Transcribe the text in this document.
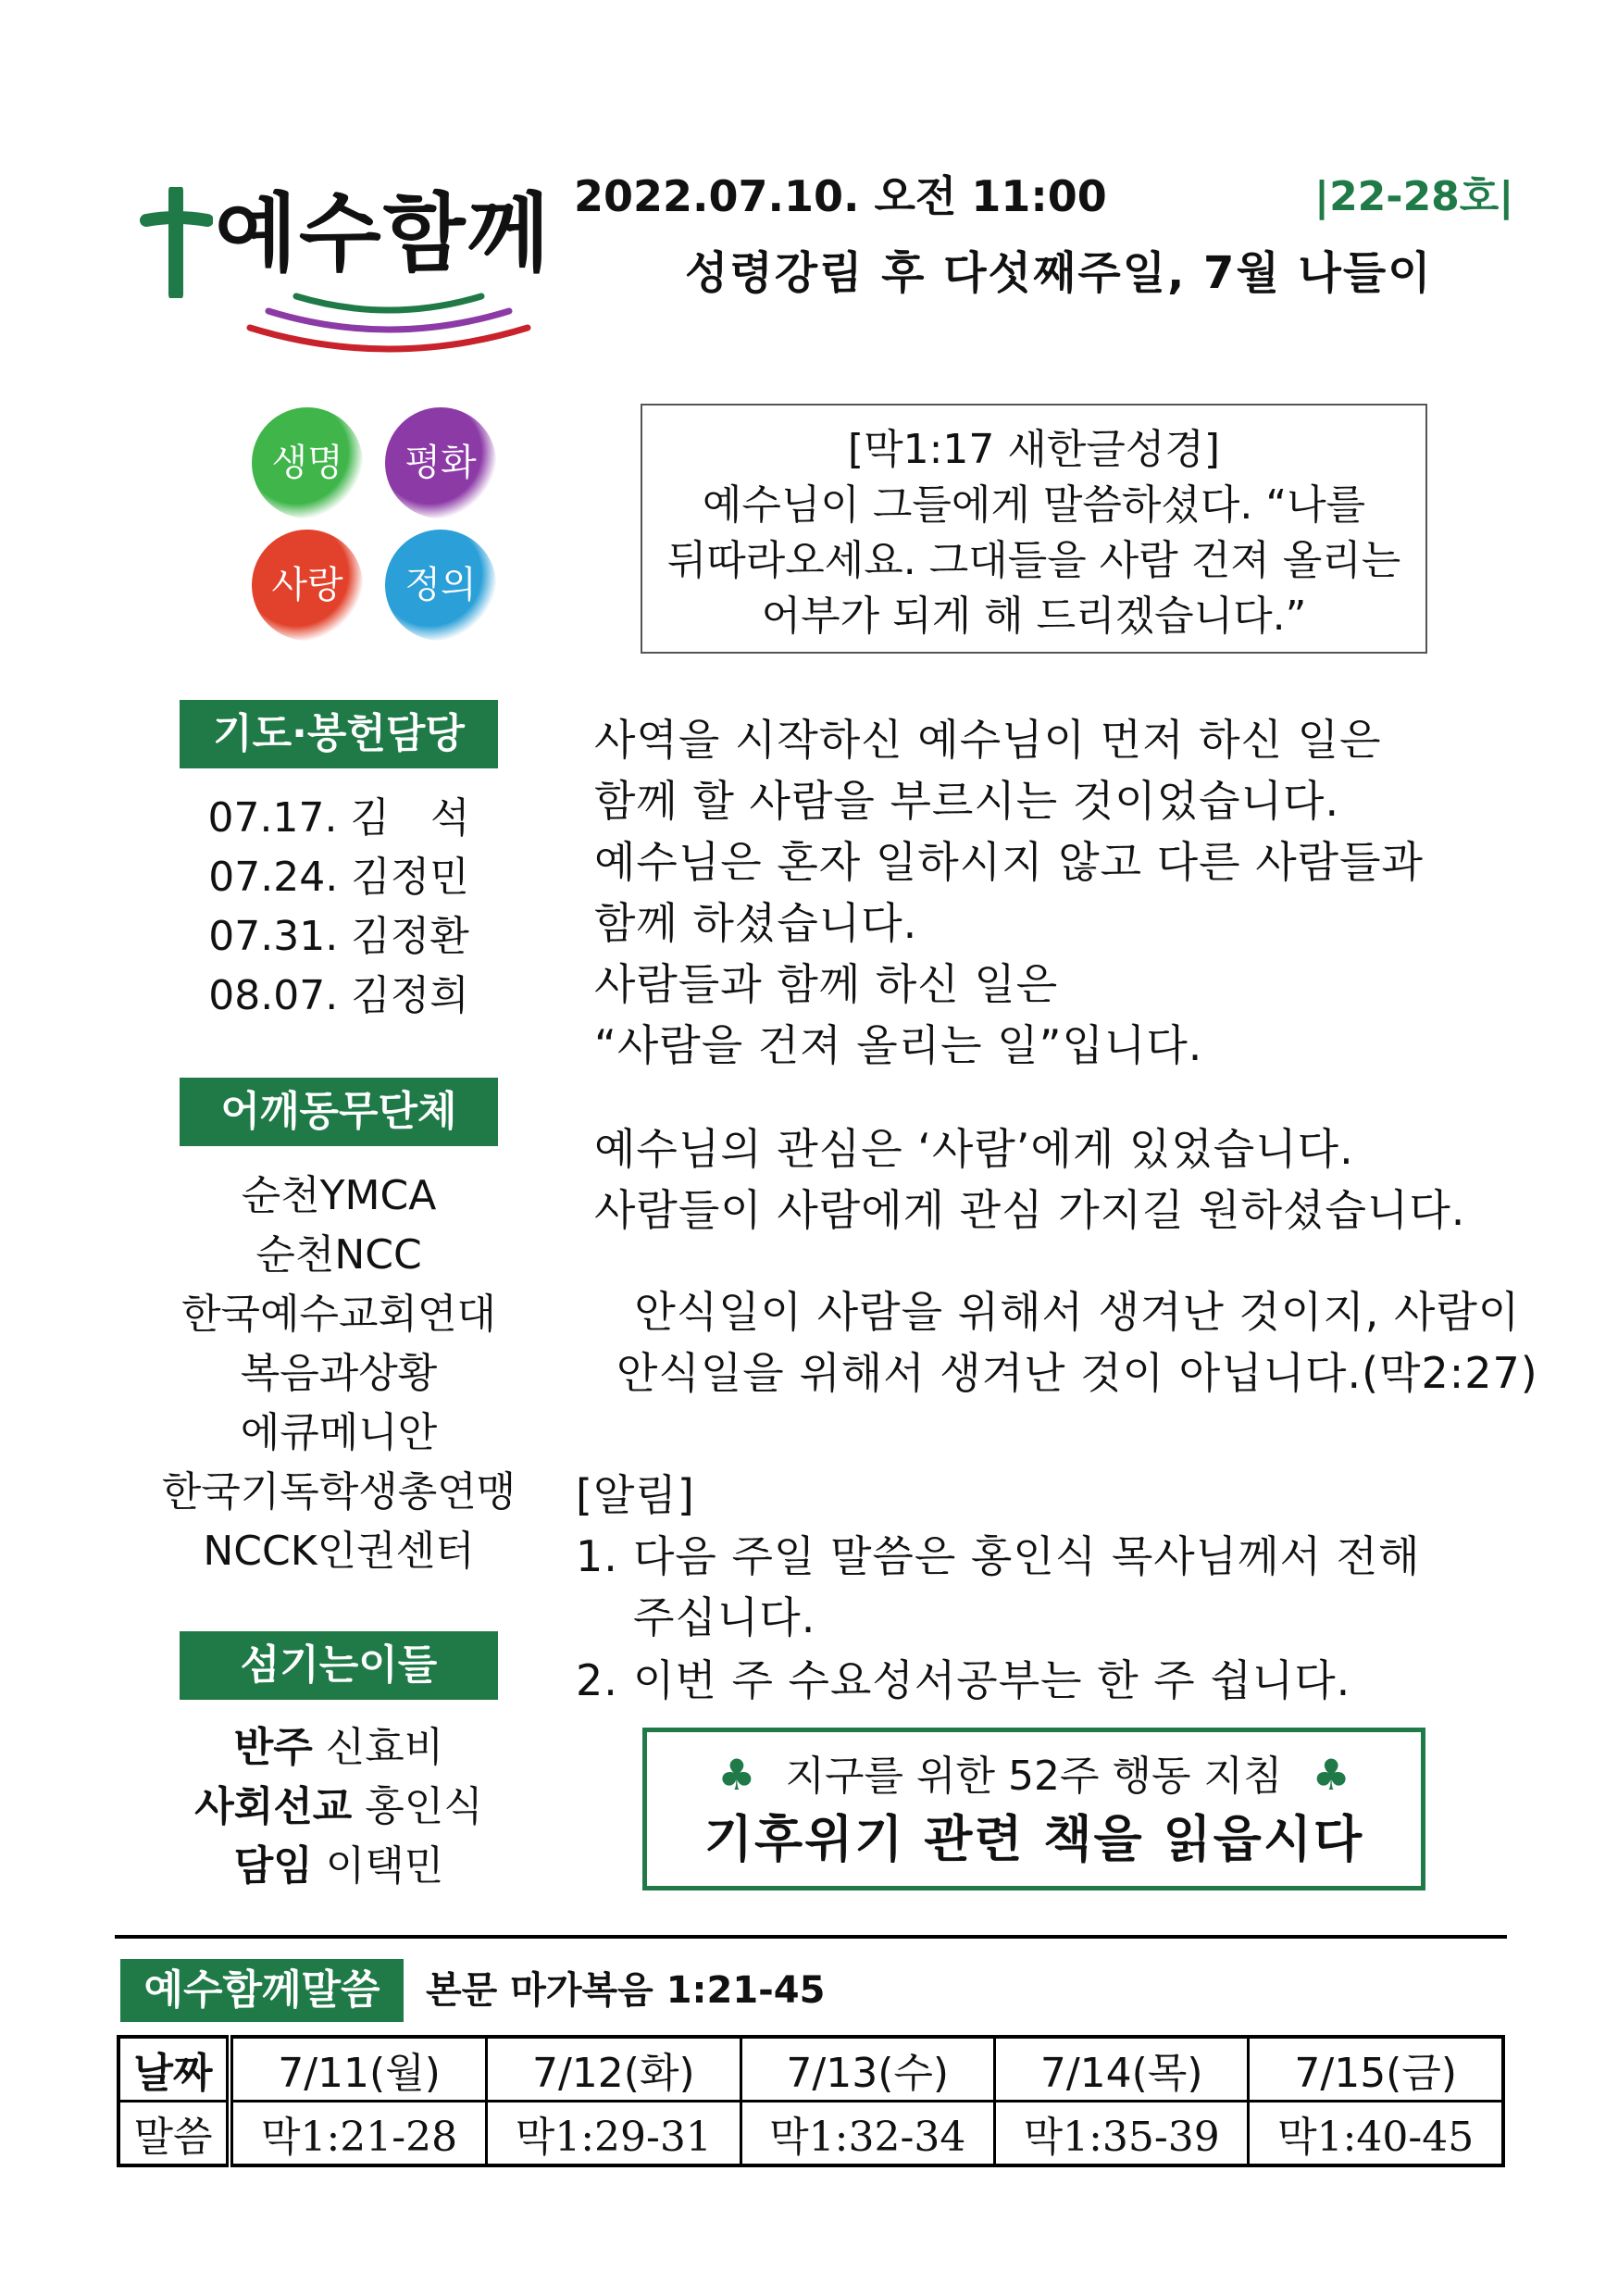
예수함께 2022.07.10. 오전 11:00	|22-28호|
성령강림 후 다섯째주일, 7월 나들이
생명	평화
사랑	정의
[막1:17 새한글성경]
예수님이 그들에게 말씀하셨다. “나를
뒤따라오세요. 그대들을 사람 건져 올리는
어부가 되게 해 드리겠습니다.”
기도·봉헌담당
07.17. 김　석
07.24. 김정민
07.31. 김정환
08.07. 김정희
어깨동무단체
순천YMCA
순천NCC
한국예수교회연대
복음과상황
에큐메니안
한국기독학생총연맹
NCCK인권센터
섬기는이들
반주 신효비
사회선교 홍인식
담임 이택민
사역을 시작하신 예수님이 먼저 하신 일은
함께 할 사람을 부르시는 것이었습니다.
예수님은 혼자 일하시지 않고 다른 사람들과
함께 하셨습니다.
사람들과 함께 하신 일은
“사람을 건져 올리는 일”입니다.
예수님의 관심은 ‘사람’에게 있었습니다.
사람들이 사람에게 관심 가지길 원하셨습니다.
안식일이 사람을 위해서 생겨난 것이지, 사람이
안식일을 위해서 생겨난 것이 아닙니다.(막2:27)
[알림]
1. 다음 주일 말씀은 홍인식 목사님께서 전해
주십니다.
2. 이번 주 수요성서공부는 한 주 쉽니다.
♣ 지구를 위한 52주 행동 지침 ♣
기후위기 관련 책을 읽읍시다
예수함께말씀	본문 마가복음 1:21-45
날짜	7/11(월)	7/12(화)	7/13(수)	7/14(목)	7/15(금)
말씀	막1:21-28	막1:29-31	막1:32-34	막1:35-39	막1:40-45
